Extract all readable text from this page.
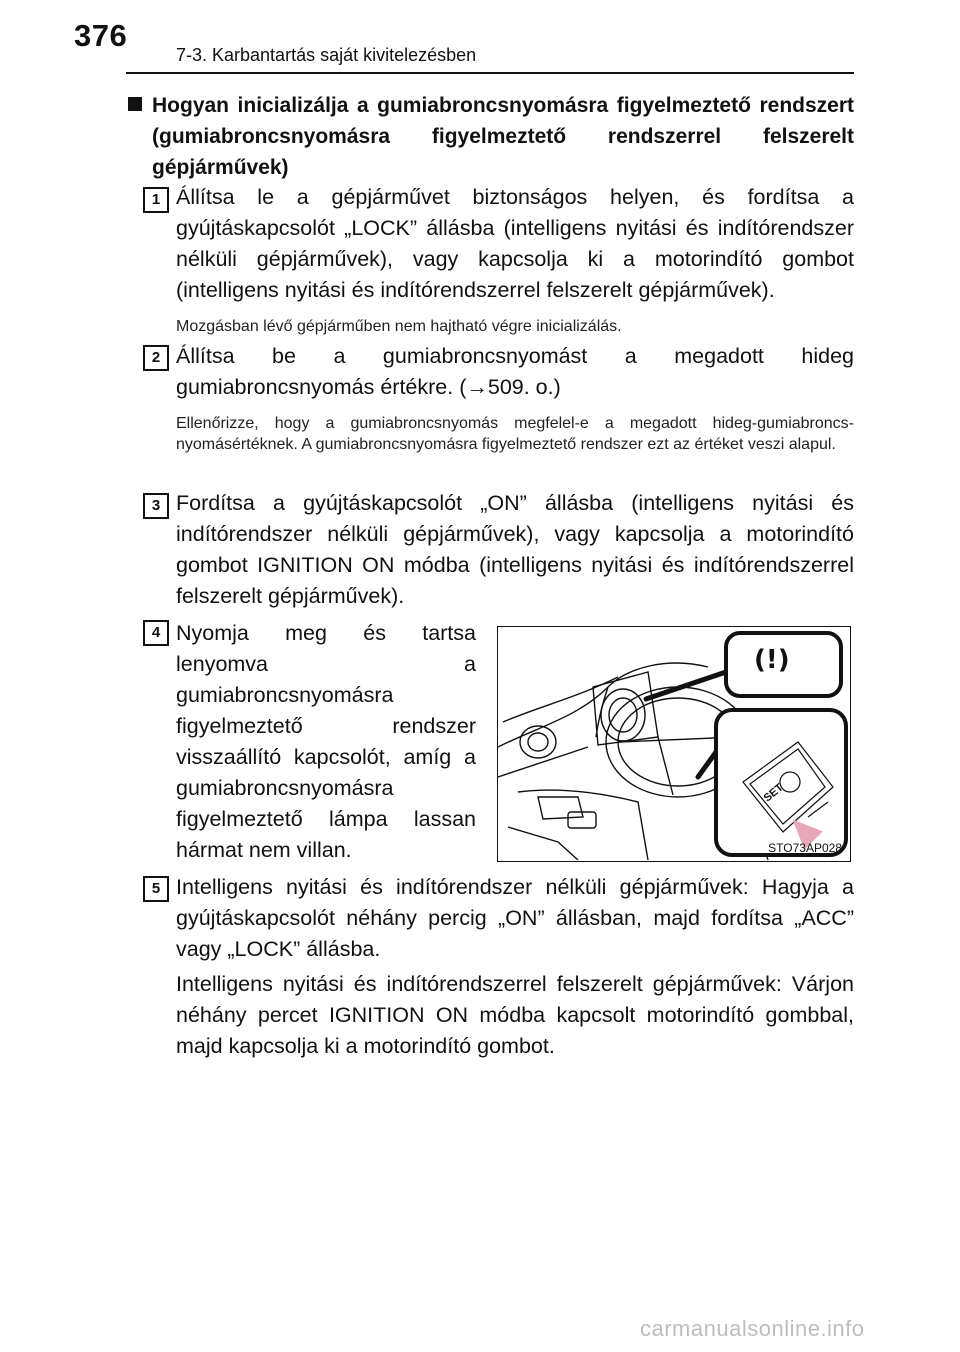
376
7-3. Karbantartás saját kivitelezésben
Hogyan inicializálja a gumiabroncsnyomásra figyelmeztető rendszert (gumiabroncsnyomásra figyelmeztető rendszerrel felszerelt gépjárművek)
1 Állítsa le a gépjárművet biztonságos helyen, és fordítsa a gyújtáskapcsolót „LOCK” állásba (intelligens nyitási és indítórendszer nélküli gépjárművek), vagy kapcsolja ki a motorindító gombot (intelligens nyitási és indítórendszerrel felszerelt gépjárművek).
Mozgásban lévő gépjárműben nem hajtható végre inicializálás.
2 Állítsa be a gumiabroncsnyomást a megadott hideg gumiabroncsnyomás értékre. (→509. o.)
Ellenőrizze, hogy a gumiabroncsnyomás megfelel-e a megadott hideg-gumiabroncs-nyomásértéknek. A gumiabroncsnyomásra figyelmeztető rendszer ezt az értéket veszi alapul.
3 Fordítsa a gyújtáskapcsolót „ON” állásba (intelligens nyitási és indítórendszer nélküli gépjárművek), vagy kapcsolja a motorindító gombot IGNITION ON módba (intelligens nyitási és indítórendszerrel felszerelt gépjárművek).
4 Nyomja meg és tartsa lenyomva a gumiabroncsnyomásra figyelmeztető rendszer visszaállító kapcsolót, amíg a gumiabroncsnyomásra figyelmeztető lámpa lassan hármat nem villan.
(!)
SET
STO73AP028
5 Intelligens nyitási és indítórendszer nélküli gépjárművek: Hagyja a gyújtáskapcsolót néhány percig „ON” állásban, majd fordítsa „ACC” vagy „LOCK” állásba.
Intelligens nyitási és indítórendszerrel felszerelt gépjárművek: Várjon néhány percet IGNITION ON módba kapcsolt motorindító gombbal, majd kapcsolja ki a motorindító gombot.
carmanualsonline.info
